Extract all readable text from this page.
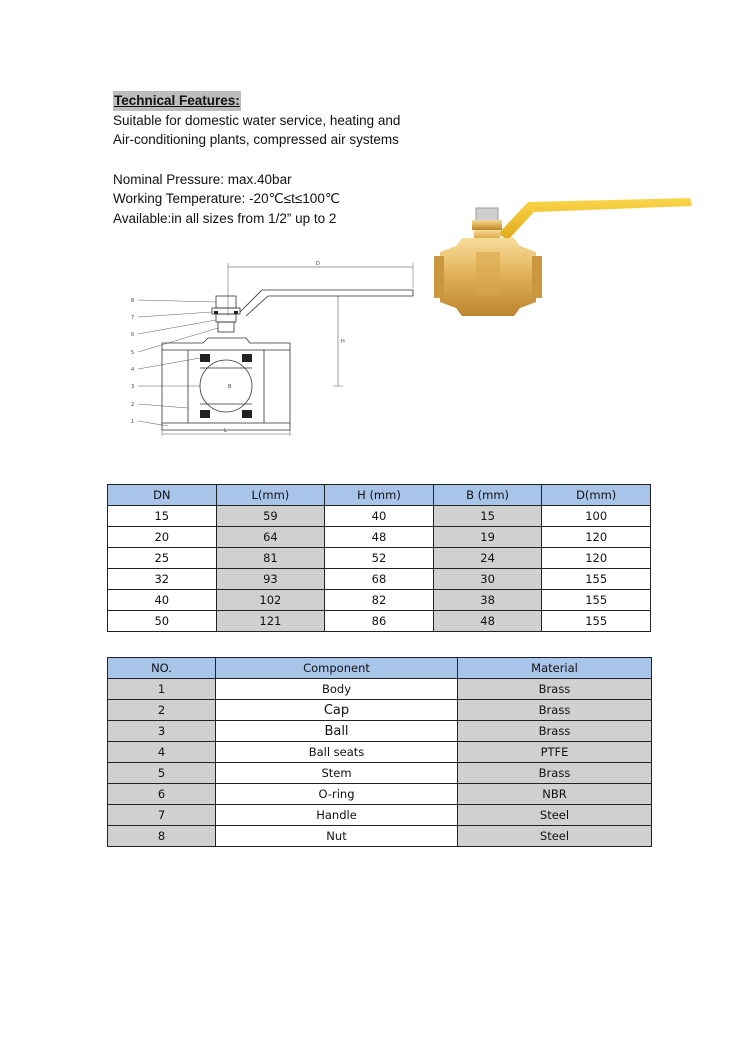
Technical Features:
Suitable for domestic water service, heating and
Air-conditioning plants, compressed air systems
Nominal Pressure: max.40bar
Working Temperature: -20℃≤t≤100℃
Available:in all sizes from 1/2” up to 2
8
7
6
5
4
3
2
1
D
H
L
B
DN	L(mm)	H (mm)	B (mm)	D(mm)
15	59	40	15	100
20	64	48	19	120
25	81	52	24	120
32	93	68	30	155
40	102	82	38	155
50	121	86	48	155
NO.	Component	Material
1	Body	Brass
2	Cap	Brass
3	Ball	Brass
4	Ball seats	PTFE
5	Stem	Brass
6	O-ring	NBR
7	Handle	Steel
8	Nut	Steel
